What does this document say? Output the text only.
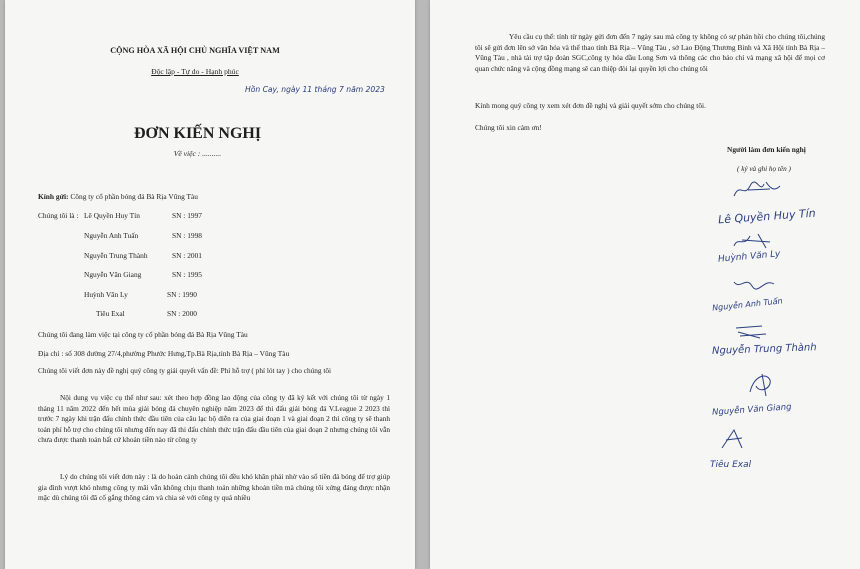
CỘNG HÒA XÃ HỘI CHỦ NGHĨA VIỆT NAM
Độc lập - Tự do - Hạnh phúc
Hồn Cay, ngày 11 tháng 7 năm 2023
ĐƠN KIẾN NGHỊ
Về việc : ..........
Kính gửi: Công ty cổ phần bóng đá Bà Rịa Vũng Tàu
Chúng tôi là : Lê Quyền Huy Tín	SN : 1997
Nguyễn Anh Tuấn	SN : 1998
Nguyễn Trung Thành	SN : 2001
Nguyễn Văn Giang	SN : 1995
Huỳnh Văn Ly	SN : 1990
Tiêu Exal	SN : 2000
Chúng tôi đang làm việc tại công ty cổ phần bóng đá Bà Rịa Vũng Tàu
Địa chỉ : số 308 đường 27/4,phường Phước Hưng,Tp.Bà Rịa,tỉnh Bà Rịa – Vũng Tàu
Chúng tôi viết đơn này đề nghị quý công ty giải quyết vấn đề: Phí hỗ trợ ( phí lót tay ) cho chúng tôi
Nội dung vụ việc cụ thể như sau: xét theo hợp đồng lao động của công ty đã ký kết với chúng tôi từ ngày 1 tháng 11 năm 2022 đến hết mùa giải bóng đá chuyên nghiệp năm 2023 để thi đấu giải bóng đá V.League 2 2023 thì trước 7 ngày khi trận đấu chính thức đầu tiên của câu lạc bộ diễn ra của giai đoạn 1 và giai đoạn 2 thì công ty sẽ thanh toán phí hỗ trợ cho chúng tôi nhưng đến nay đã thi đấu chính thức trận đấu đầu tiên của giai đoạn 2 nhưng chúng tôi vẫn chưa được thanh toán bất cứ khoản tiền nào từ công ty
Lý do chúng tôi viết đơn này : là do hoàn cảnh chúng tôi đều khó khăn phải nhờ vào số tiền đá bóng để trợ giúp gia đình vượt khó nhưng công ty mãi vẫn không chịu thanh toán những khoản tiền mà chúng tôi xứng đáng được nhận mặc dù chúng tôi đã cố gắng thông cảm và chia sẻ với công ty quá nhiều
Yêu cầu cụ thể: tính từ ngày gửi đơn đến 7 ngày sau mà công ty không có sự phản hồi cho chúng tôi,chúng tôi sẽ gửi đơn lên sở văn hóa và thể thao tỉnh Bà Rịa – Vũng Tàu , sở Lao Động Thương Binh và Xã Hội tỉnh Bà Rịa – Vũng Tàu , nhà tài trợ tập đoàn SGC,công ty hóa dầu Long Sơn và thông các cho báo chí và mạng xã hội để mọi cơ quan chức năng và cộng đồng mạng sẽ can thiệp đòi lại quyền lợi cho chúng tôi
Kính mong quý công ty xem xét đơn đề nghị và giải quyết sớm cho chúng tôi.
Chúng tôi xin cảm ơn!
Người làm đơn kiến nghị
( ký và ghi họ tên )
Lê Quyền Huy Tín
Huỳnh Văn Ly
Nguyễn Anh Tuấn
Nguyễn Trung Thành
Nguyễn Văn Giang
Tiêu Exal
